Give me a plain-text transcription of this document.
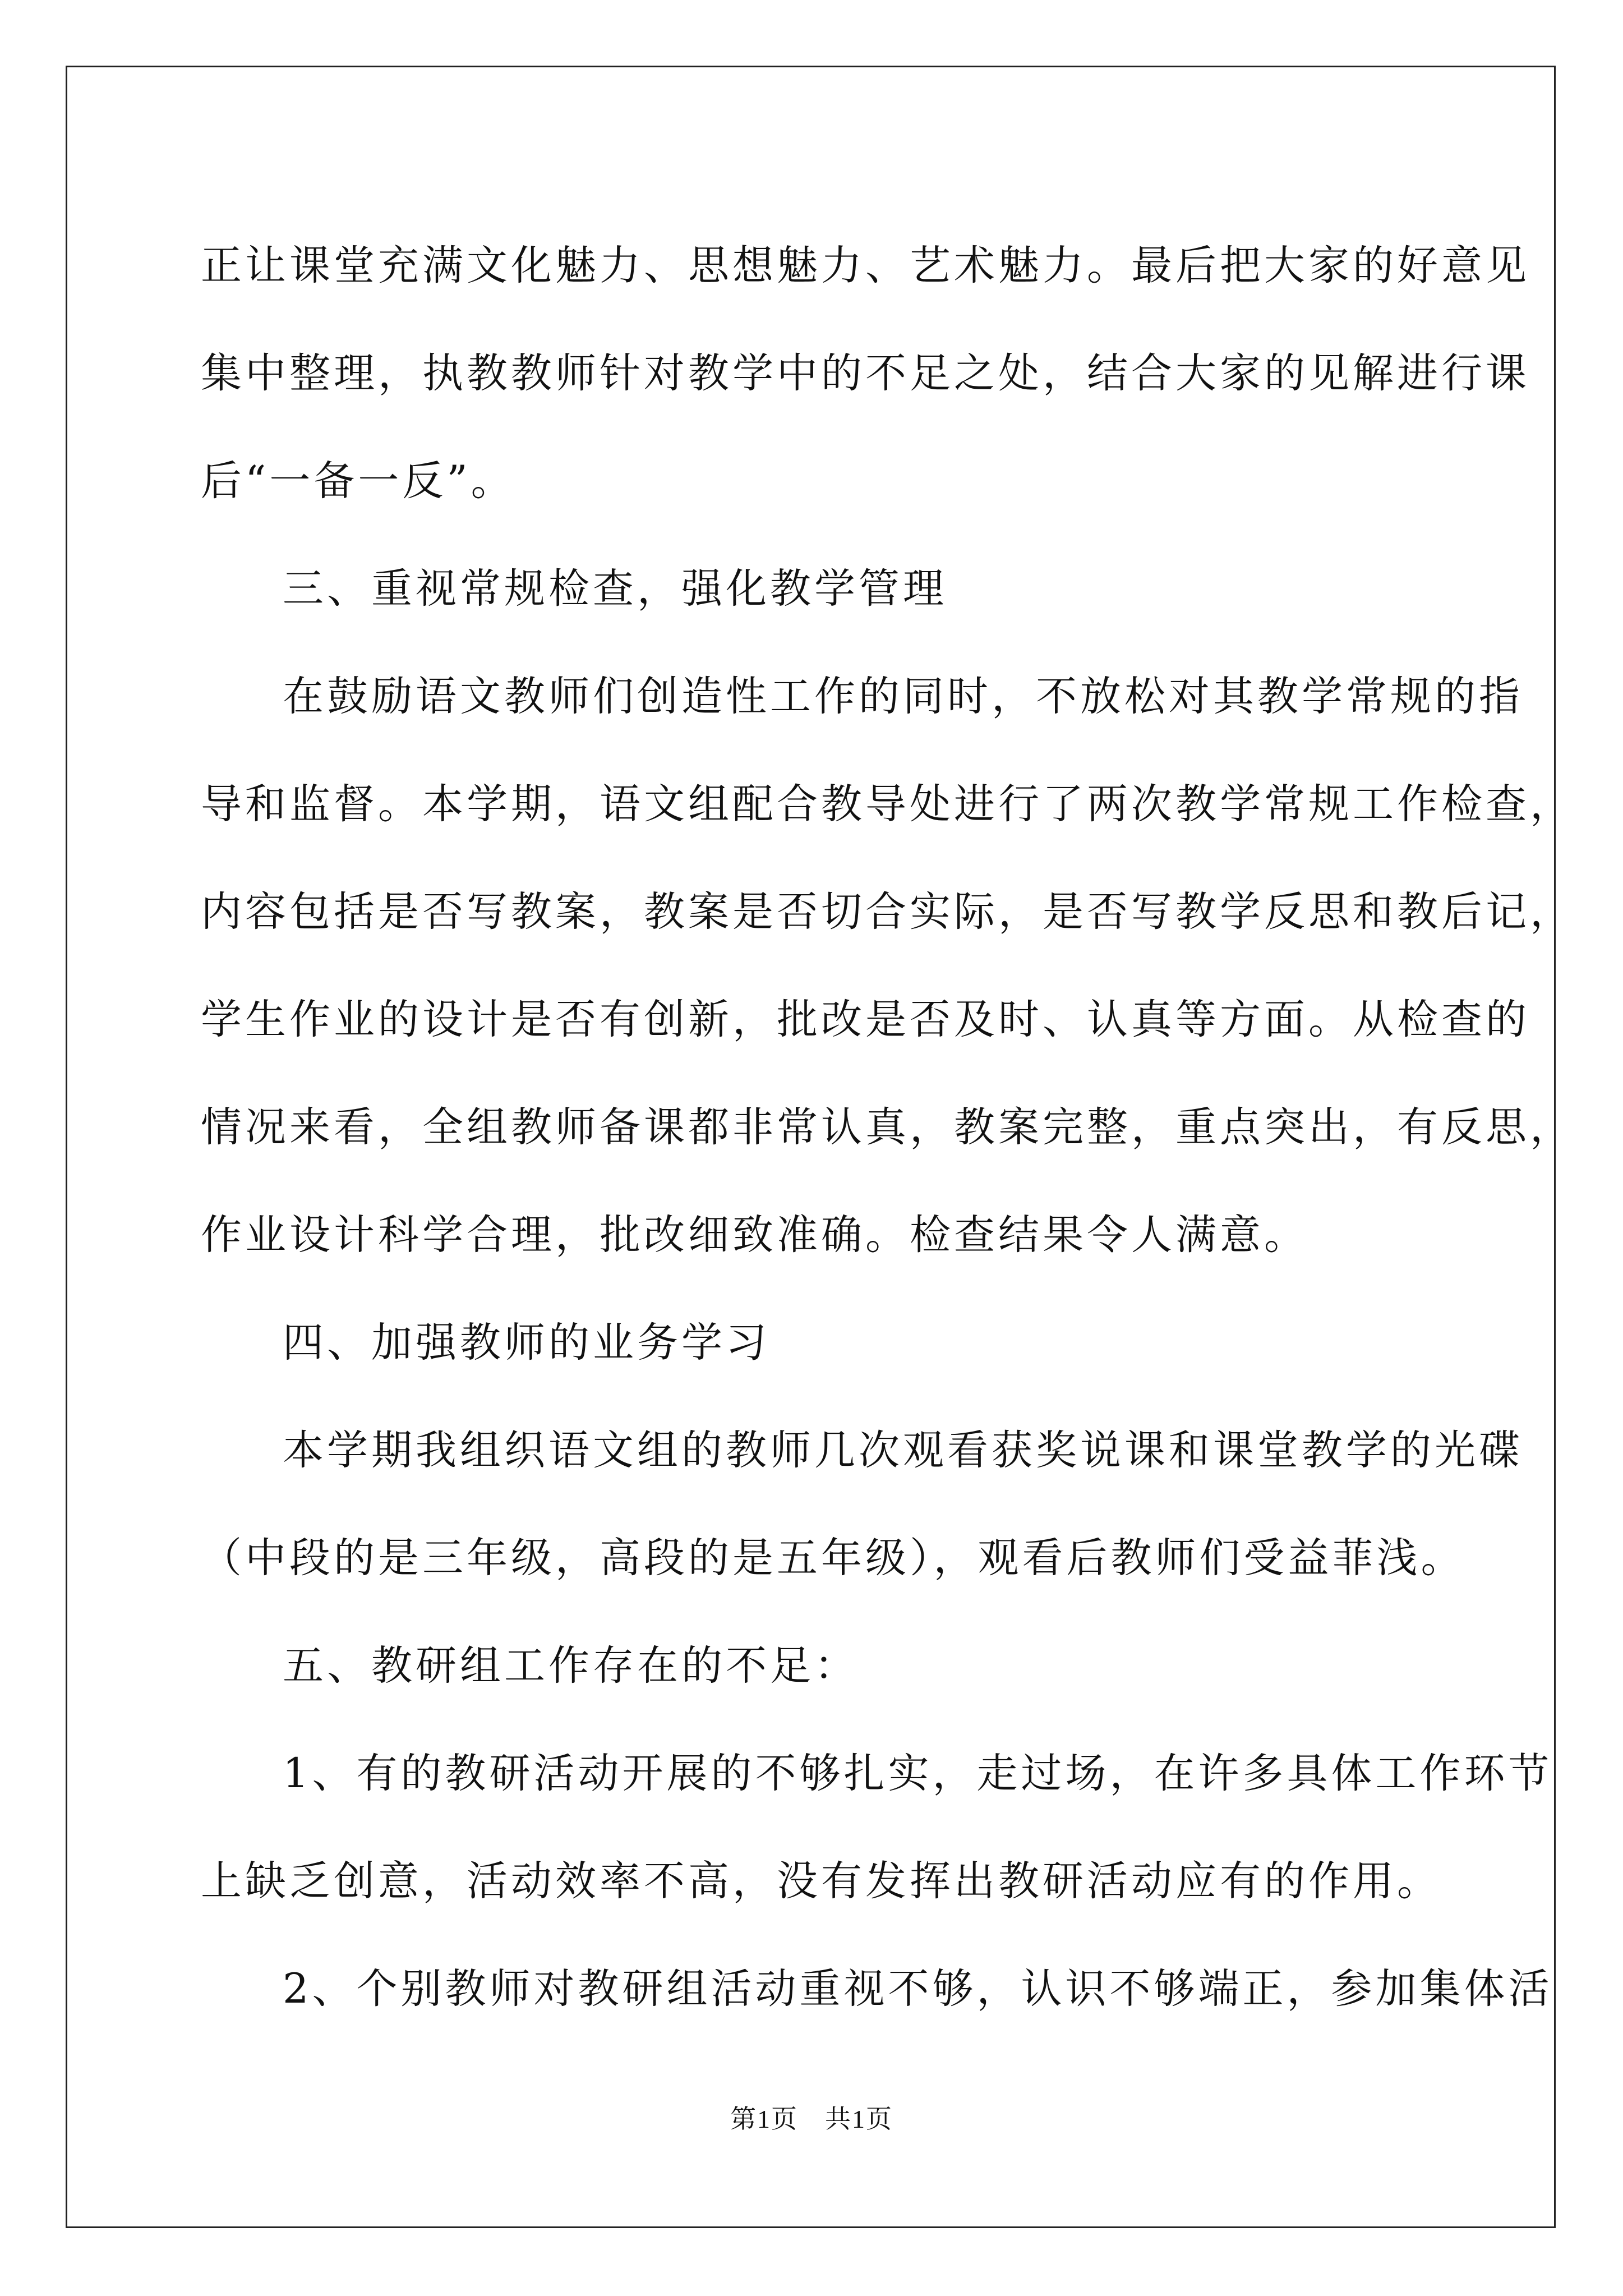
正让课堂充满文化魅力、思想魅力、艺术魅力。最后把大家的好意见
集中整理，执教教师针对教学中的不足之处，结合大家的见解进行课
后“一备一反”。
三、重视常规检查，强化教学管理
在鼓励语文教师们创造性工作的同时，不放松对其教学常规的指
导和监督。本学期，语文组配合教导处进行了两次教学常规工作检查，
内容包括是否写教案，教案是否切合实际，是否写教学反思和教后记，
学生作业的设计是否有创新，批改是否及时、认真等方面。从检查的
情况来看，全组教师备课都非常认真，教案完整，重点突出，有反思，
作业设计科学合理，批改细致准确。检查结果令人满意。
四、加强教师的业务学习
本学期我组织语文组的教师几次观看获奖说课和课堂教学的光碟
（中段的是三年级，高段的是五年级），观看后教师们受益菲浅。
五、教研组工作存在的不足：
1、有的教研活动开展的不够扎实，走过场，在许多具体工作环节
上缺乏创意，活动效率不高，没有发挥出教研活动应有的作用。
2、个别教师对教研组活动重视不够，认识不够端正，参加集体活
第1页　共1页
